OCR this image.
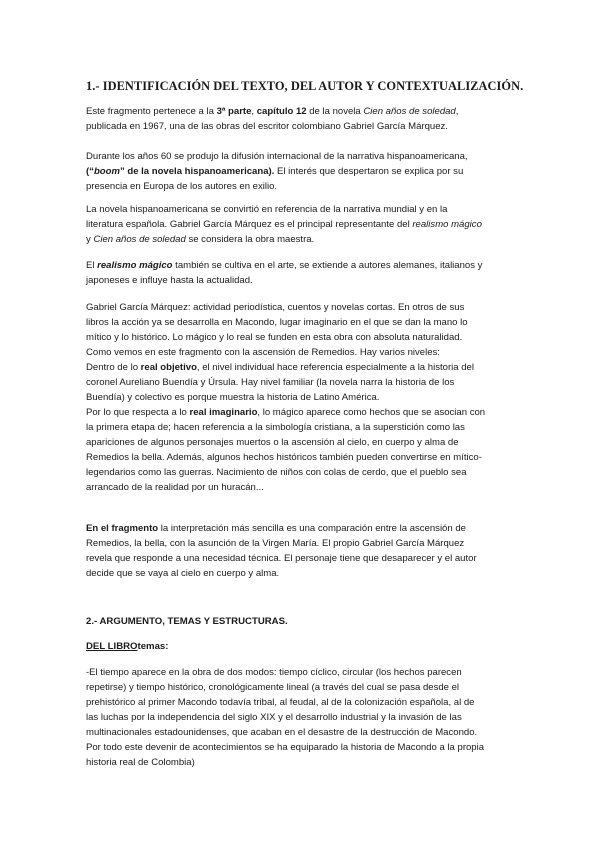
1.- IDENTIFICACIÓN DEL TEXTO, DEL AUTOR Y CONTEXTUALIZACIÓN.
Este fragmento pertenece a la 3ª parte, capítulo 12 de la novela Cien años de soledad,
publicada en 1967, una de las obras del escritor colombiano Gabriel García Márquez.
Durante los años 60 se produjo la difusión internacional de la narrativa hispanoamericana,
(“boom” de la novela hispanoamericana). El interés que despertaron se explica por su
presencia en Europa de los autores en exilio.
La novela hispanoamericana se convirtió en referencia de la narrativa mundial y en la
literatura española. Gabriel García Márquez es el principal representante del realismo mágico
y Cien años de soledad se considera la obra maestra.
El realismo mágico también se cultiva en el arte, se extiende a autores alemanes, italianos y
japoneses e influye hasta la actualidad.
Gabriel García Márquez: actividad periodística, cuentos y novelas cortas. En otros de sus
libros la acción ya se desarrolla en Macondo, lugar imaginario en el que se dan la mano lo
mítico y lo histórico. Lo mágico y lo real se funden en esta obra con absoluta naturalidad.
Como vemos en este fragmento con la ascensión de Remedios. Hay varios niveles:
Dentro de lo real objetivo, el nivel individual hace referencia especialmente a la historia del
coronel Aureliano Buendía y Úrsula. Hay nivel familiar (la novela narra la historia de los
Buendía) y colectivo es porque muestra la historia de Latino América.
Por lo que respecta a lo real imaginario, lo mágico aparece como hechos que se asocian con
la primera etapa de; hacen referencia a la simbología cristiana, a la superstición como las
apariciones de algunos personajes muertos o la ascensión al cielo, en cuerpo y alma de
Remedios la bella. Además, algunos hechos históricos también pueden convertirse en mítico-
legendarios como las guerras. Nacimiento de niños con colas de cerdo, que el pueblo sea
arrancado de la realidad por un huracán...
En el fragmento la interpretación más sencilla es una comparación entre la ascensión de
Remedios, la bella, con la asunción de la Virgen María. El propio Gabriel García Márquez
revela que responde a una necesidad técnica. El personaje tiene que desaparecer y el autor
decide que se vaya al cielo en cuerpo y alma.
2.- ARGUMENTO, TEMAS Y ESTRUCTURAS.
DEL LIBROtemas:
-El tiempo aparece en la obra de dos modos: tiempo cíclico, circular (los hechos parecen
repetirse) y tiempo histórico, cronológicamente lineal (a través del cual se pasa desde el
prehistórico al primer Macondo todavía tribal, al feudal, al de la colonización española, al de
las luchas por la independencia del siglo XIX y el desarrollo industrial y la invasión de las
multinacionales estadounidenses, que acaban en el desastre de la destrucción de Macondo.
Por todo este devenir de acontecimientos se ha equiparado la historia de Macondo a la propia
historia real de Colombia)
